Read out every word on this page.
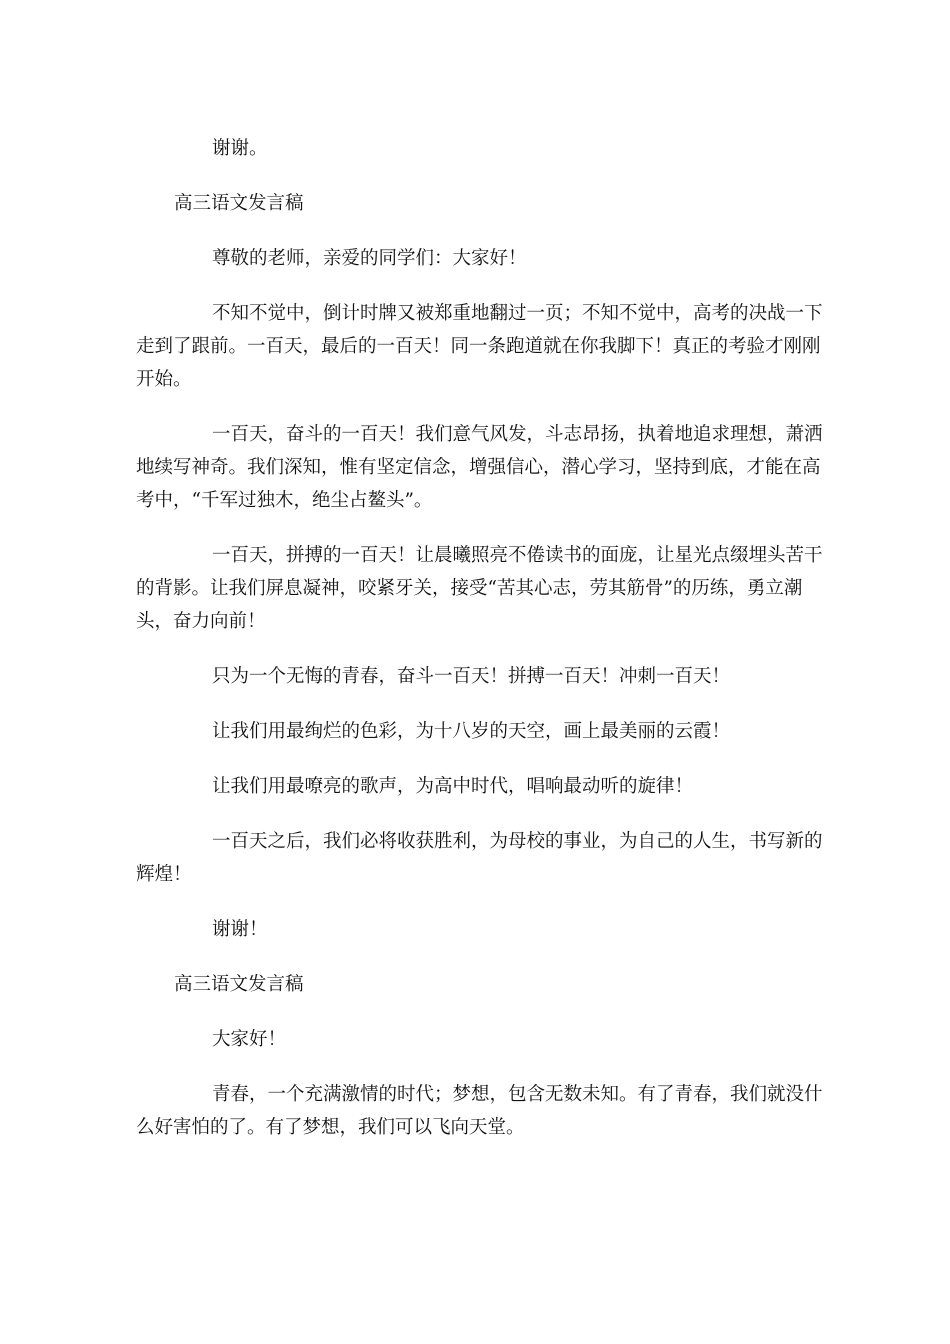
谢谢。

高三语文发言稿

尊敬的老师，亲爱的同学们：大家好！

不知不觉中，倒计时牌又被郑重地翻过一页；不知不觉中，高考的决战一下走到了跟前。一百天，最后的一百天！同一条跑道就在你我脚下！真正的考验才刚刚开始。

一百天，奋斗的一百天！我们意气风发，斗志昂扬，执着地追求理想，萧洒地续写神奇。我们深知，惟有坚定信念，增强信心，潜心学习，坚持到底，才能在高考中，“千军过独木，绝尘占鳌头”。

一百天，拼搏的一百天！让晨曦照亮不倦读书的面庞，让星光点缀埋头苦干的背影。让我们屏息凝神，咬紧牙关，接受“苦其心志，劳其筋骨”的历练，勇立潮头，奋力向前！

只为一个无悔的青春，奋斗一百天！拼搏一百天！冲刺一百天！

让我们用最绚烂的色彩，为十八岁的天空，画上最美丽的云霞！

让我们用最嘹亮的歌声，为高中时代，唱响最动听的旋律！

一百天之后，我们必将收获胜利，为母校的事业，为自己的人生，书写新的辉煌！

谢谢！

高三语文发言稿

大家好！

青春，一个充满激情的时代；梦想，包含无数未知。有了青春，我们就没什么好害怕的了。有了梦想，我们可以飞向天堂。
